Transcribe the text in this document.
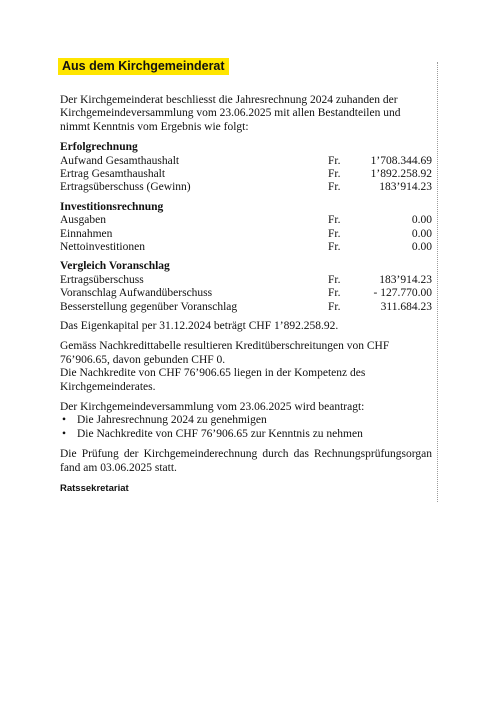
Aus dem Kirchgemeinderat

Der Kirchgemeinderat beschliesst die Jahresrechnung 2024 zuhanden der Kirchgemeindeversammlung vom 23.06.2025 mit allen Bestandteilen und nimmt Kenntnis vom Ergebnis wie folgt:

Erfolgrechnung
Aufwand Gesamthaushalt	Fr.	1’708.344.69
Ertrag Gesamthaushalt	Fr.	1’892.258.92
Ertragsüberschuss (Gewinn)	Fr.	183’914.23
Investitionsrechnung
Ausgaben	Fr.	0.00
Einnahmen	Fr.	0.00
Nettoinvestitionen	Fr.	0.00
Vergleich Voranschlag
Ertragsüberschuss	Fr.	183’914.23
Voranschlag Aufwandüberschuss	Fr.	- 127.770.00
Besserstellung gegenüber Voranschlag	Fr.	311.684.23

Das Eigenkapital per 31.12.2024 beträgt CHF 1’892.258.92.

Gemäss Nachkredittabelle resultieren Kreditüberschreitungen von CHF 76’906.65, davon gebunden CHF 0.

Die Nachkredite von CHF 76’906.65 liegen in der Kompetenz des Kirchgemeinderates.

Der Kirchgemeindeversammlung vom 23.06.2025 wird beantragt:

• Die Jahresrechnung 2024 zu genehmigen
• Die Nachkredite von CHF 76’906.65 zur Kenntnis zu nehmen

Die Prüfung der Kirchgemeinderechnung durch das Rechnungsprüfungsorgan fand am 03.06.2025 statt.

Ratssekretariat
